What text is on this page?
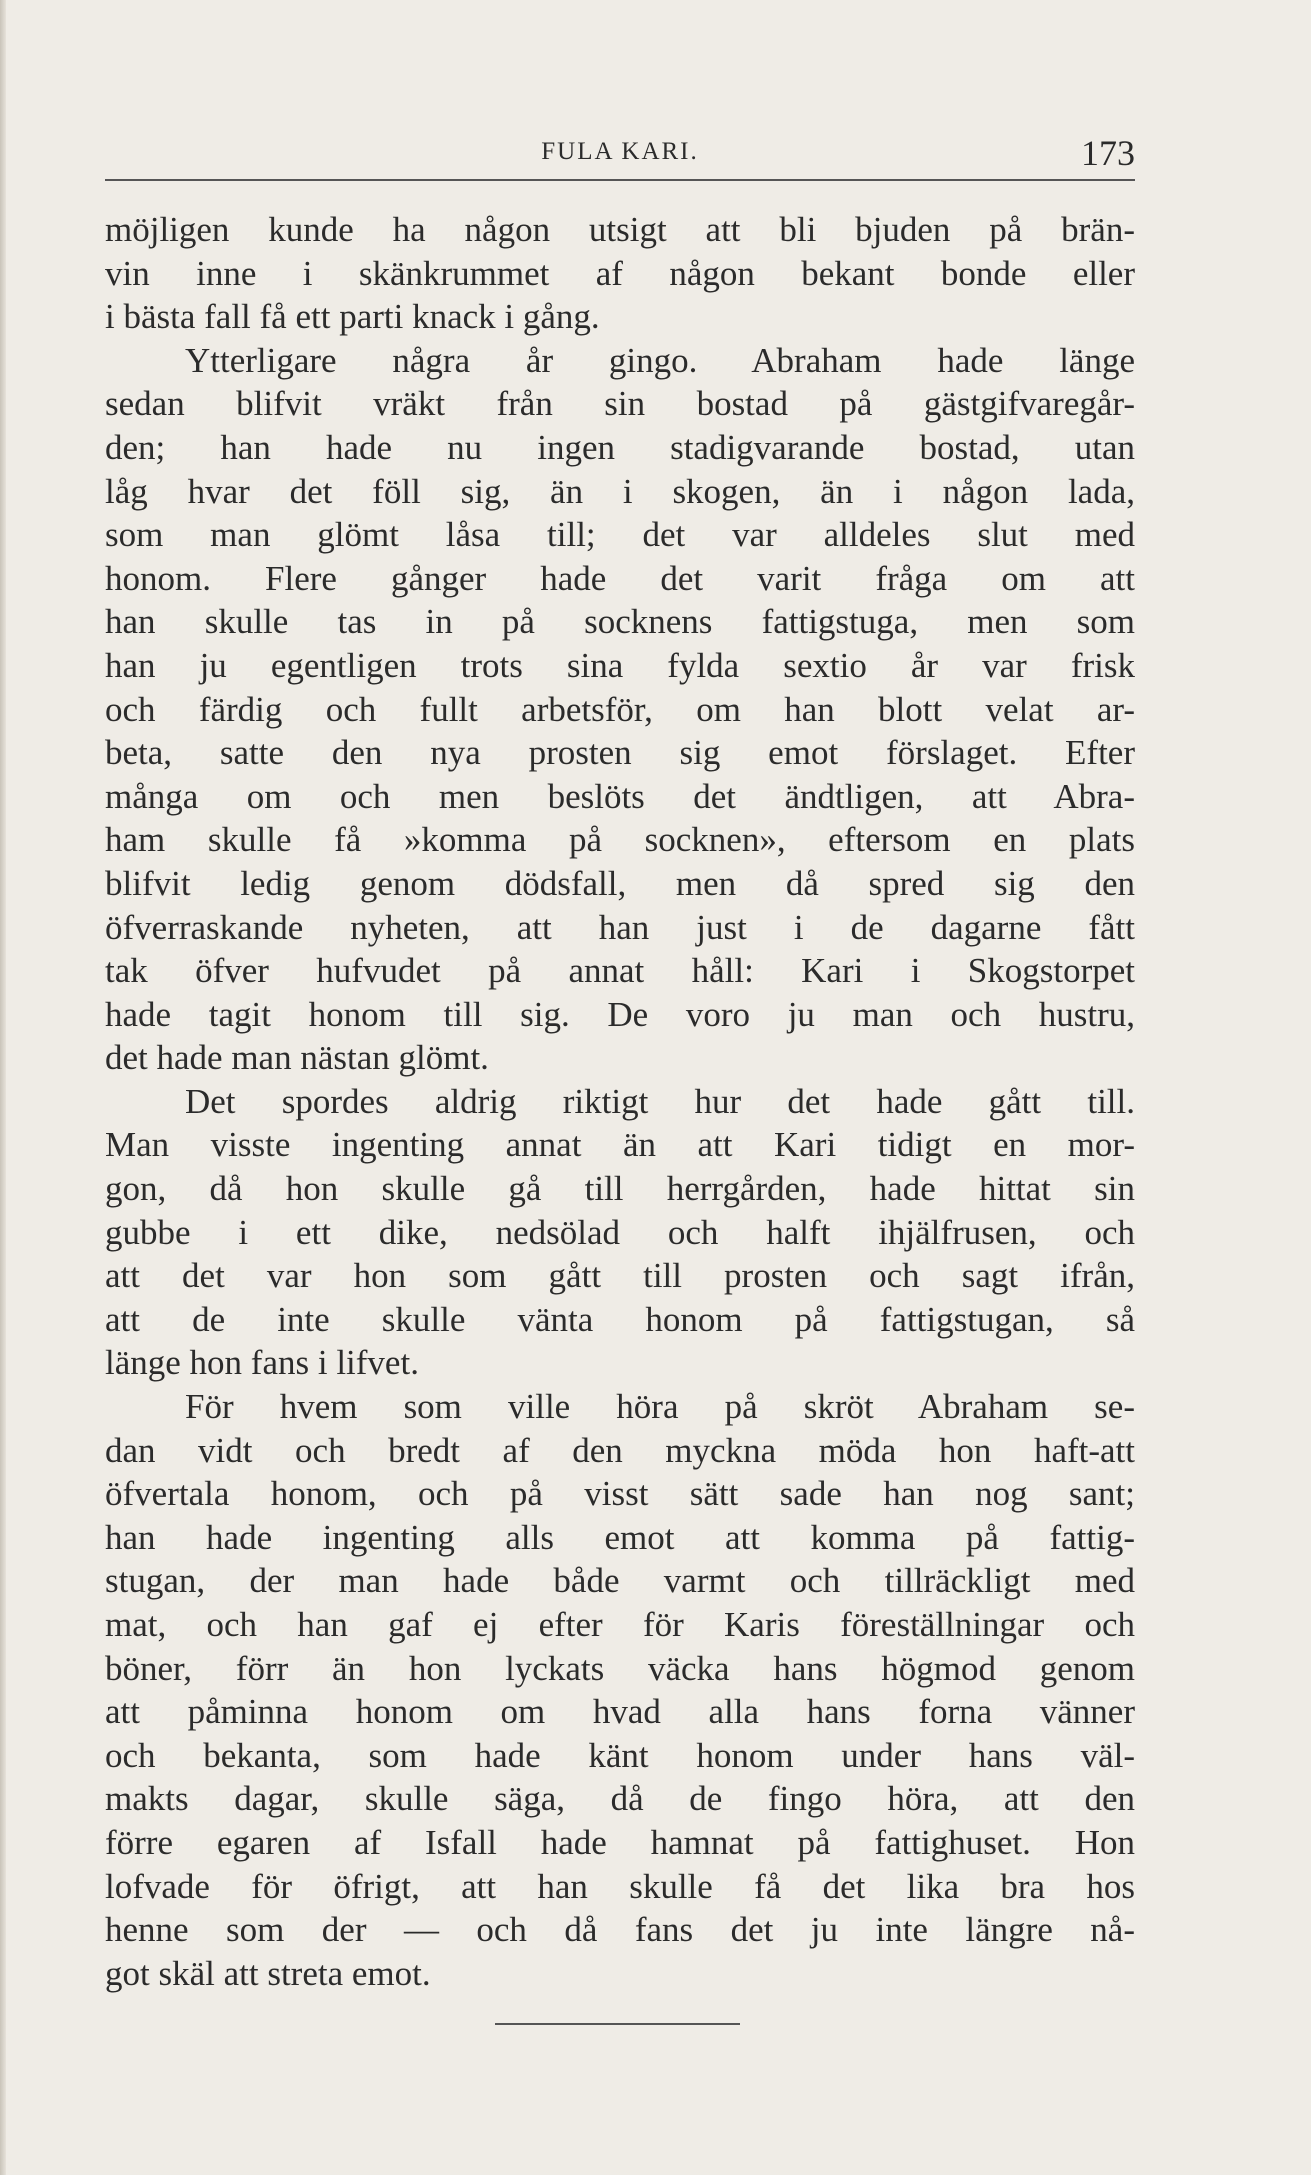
FULA KARI.	173
möjligen kunde ha någon utsigt att bli bjuden på brän-
vin inne i skänkrummet af någon bekant bonde eller
i bästa fall få ett parti knack i gång.
Ytterligare några år gingo. Abraham hade länge
sedan blifvit vräkt från sin bostad på gästgifvaregår-
den; han hade nu ingen stadigvarande bostad, utan
låg hvar det föll sig, än i skogen, än i någon lada,
som man glömt låsa till; det var alldeles slut med
honom. Flere gånger hade det varit fråga om att
han skulle tas in på socknens fattigstuga, men som
han ju egentligen trots sina fylda sextio år var frisk
och färdig och fullt arbetsför, om han blott velat ar-
beta, satte den nya prosten sig emot förslaget. Efter
många om och men beslöts det ändtligen, att Abra-
ham skulle få »komma på socknen», eftersom en plats
blifvit ledig genom dödsfall, men då spred sig den
öfverraskande nyheten, att han just i de dagarne fått
tak öfver hufvudet på annat håll: Kari i Skogstorpet
hade tagit honom till sig. De voro ju man och hustru,
det hade man nästan glömt.
Det spordes aldrig riktigt hur det hade gått till.
Man visste ingenting annat än att Kari tidigt en mor-
gon, då hon skulle gå till herrgården, hade hittat sin
gubbe i ett dike, nedsölad och halft ihjälfrusen, och
att det var hon som gått till prosten och sagt ifrån,
att de inte skulle vänta honom på fattigstugan, så
länge hon fans i lifvet.
För hvem som ville höra på skröt Abraham se-
dan vidt och bredt af den myckna möda hon haft-att
öfvertala honom, och på visst sätt sade han nog sant;
han hade ingenting alls emot att komma på fattig-
stugan, der man hade både varmt och tillräckligt med
mat, och han gaf ej efter för Karis föreställningar och
böner, förr än hon lyckats väcka hans högmod genom
att påminna honom om hvad alla hans forna vänner
och bekanta, som hade känt honom under hans väl-
makts dagar, skulle säga, då de fingo höra, att den
förre egaren af Isfall hade hamnat på fattighuset. Hon
lofvade för öfrigt, att han skulle få det lika bra hos
henne som der — och då fans det ju inte längre nå-
got skäl att streta emot.
